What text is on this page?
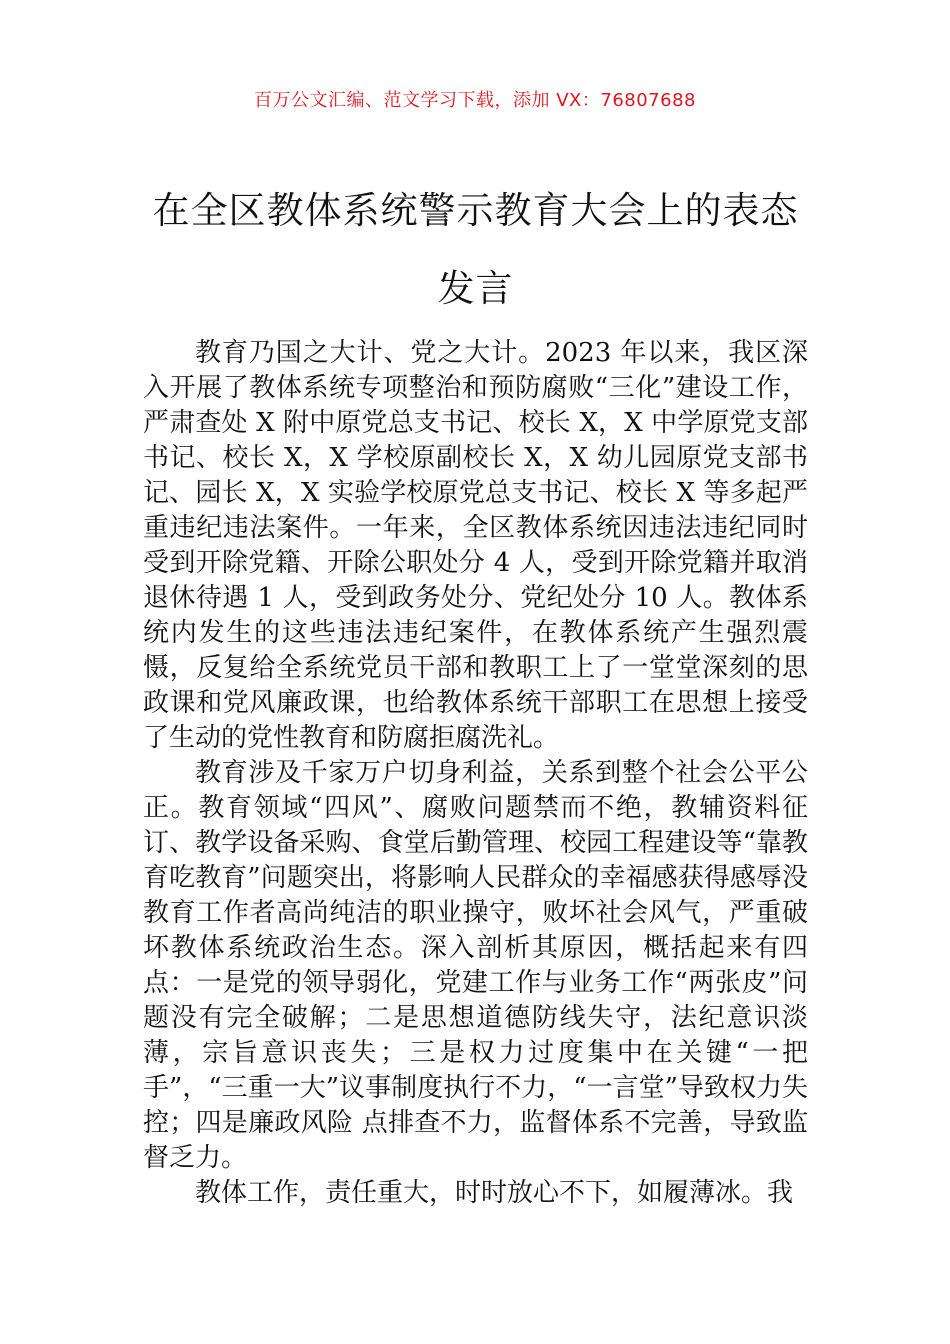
百万公文汇编、范文学习下载，添加 VX：76807688
在全区教体系统警示教育大会上的表态发言

教育乃国之大计、党之大计。2023 年以来，我区深入开展了教体系统专项整治和预防腐败“三化”建设工作，严肃查处 X 附中原党总支书记、校长 X，X 中学原党支部书记、校长 X，X 学校原副校长 X，X 幼儿园原党支部书记、园长 X，X 实验学校原党总支书记、校长 X 等多起严重违纪违法案件。一年来，全区教体系统因违法违纪同时受到开除党籍、开除公职处分 4 人，受到开除党籍并取消退休待遇 1 人，受到政务处分、党纪处分 10 人。教体系统内发生的这些违法违纪案件，在教体系统产生强烈震慑，反复给全系统党员干部和教职工上了一堂堂深刻的思政课和党风廉政课，也给教体系统干部职工在思想上接受了生动的党性教育和防腐拒腐洗礼。

教育涉及千家万户切身利益，关系到整个社会公平公正。教育领域“四风”、腐败问题禁而不绝，教辅资料征订、教学设备采购、食堂后勤管理、校园工程建设等“靠教育吃教育”问题突出，将影响人民群众的幸福感获得感辱没教育工作者高尚纯洁的职业操守，败坏社会风气，严重破坏教体系统政治生态。深入剖析其原因，概括起来有四点：一是党的领导弱化，党建工作与业务工作“两张皮”问题没有完全破解；二是思想道德防线失守，法纪意识淡薄，宗旨意识丧失；三是权力过度集中在关键“一把手”，“三重一大”议事制度执行不力，“一言堂”导致权力失控；四是廉政风险 点排查不力，监督体系不完善，导致监督乏力。

教体工作，责任重大，时时放心不下，如履薄冰。我
